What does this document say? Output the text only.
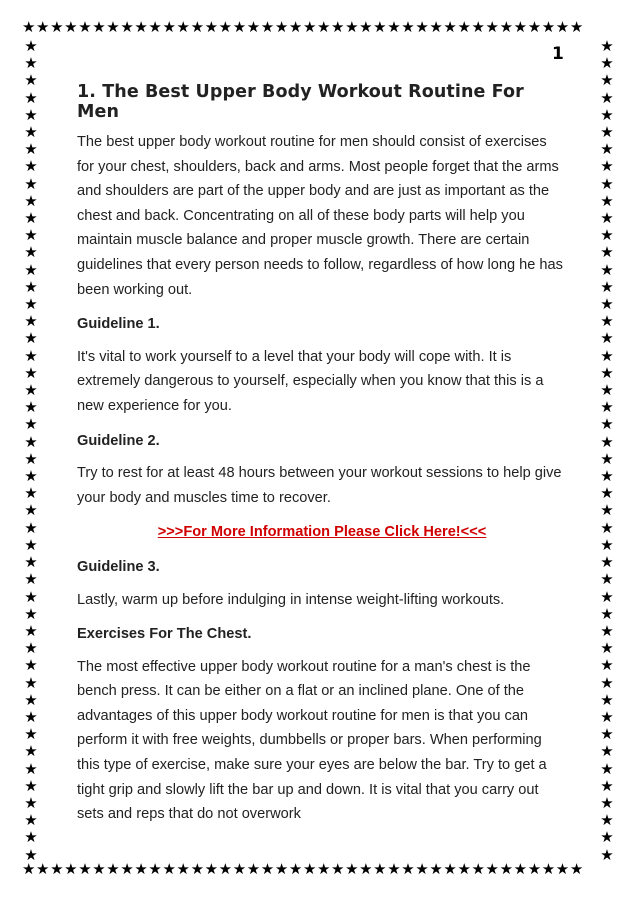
★★★★★★★★★★★★★★★★★★★★★★★★★★★★★★★★★★★★★★★★
★★★★★★★★★★★★★★★★★★★★★★★★★★★★★★★★★★★★★★★★
★★★★★★★★★★★★★★★★★★★★★★★★★★★★★★★★★★★★★★★★★★★★★★★★
★★★★★★★★★★★★★★★★★★★★★★★★★★★★★★★★★★★★★★★★★★★★★★★★
1
1. The Best Upper Body Workout Routine For Men

The best upper body workout routine for men should consist of exercises for your chest, shoulders, back and arms. Most people forget that the arms and shoulders are part of the upper body and are just as important as the chest and back. Concentrating on all of these body parts will help you maintain muscle balance and proper muscle growth. There are certain guidelines that every person needs to follow, regardless of how long he has been working out.

Guideline 1.

It's vital to work yourself to a level that your body will cope with. It is extremely dangerous to yourself, especially when you know that this is a new experience for you.

Guideline 2.

Try to rest for at least 48 hours between your workout sessions to help give your body and muscles time to recover.

>>>For More Information Please Click Here!<<<

Guideline 3.

Lastly, warm up before indulging in intense weight-lifting workouts.

Exercises For The Chest.

The most effective upper body workout routine for a man's chest is the bench press. It can be either on a flat or an inclined plane. One of the advantages of this upper body workout routine for men is that you can perform it with free weights, dumbbells or proper bars. When performing this type of exercise, make sure your eyes are below the bar. Try to get a tight grip and slowly lift the bar up and down. It is vital that you carry out sets and reps that do not overwork
